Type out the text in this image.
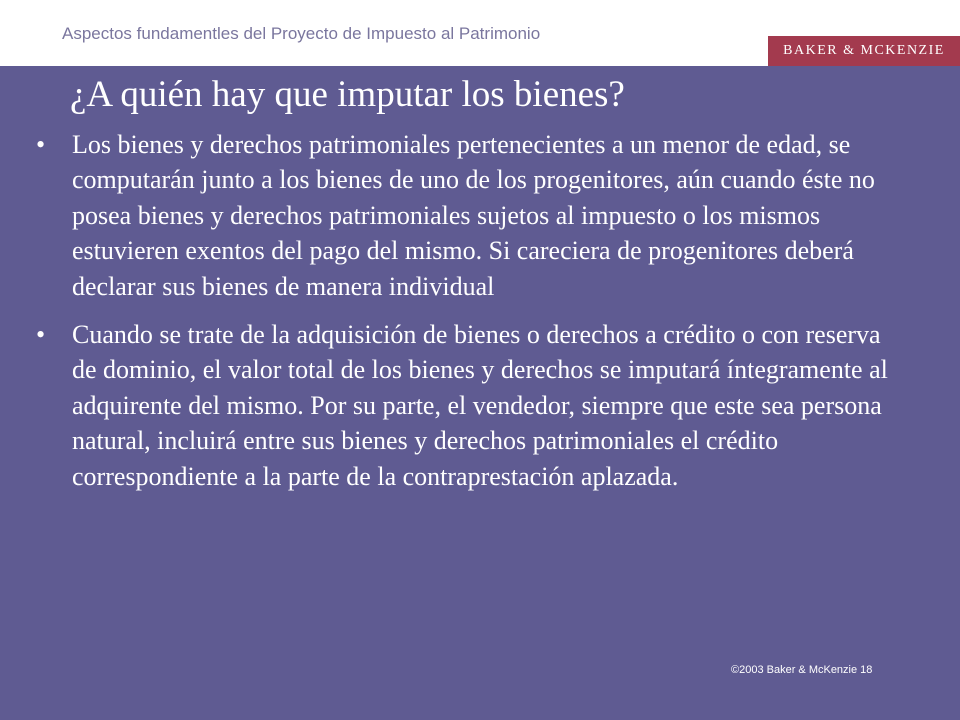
Aspectos fundamentles del Proyecto de Impuesto al Patrimonio
BAKER & MCKENZIE
¿A quién hay que imputar los bienes?
• Los bienes y derechos patrimoniales pertenecientes a un menor de edad, se computarán junto a los bienes de uno de los progenitores, aún cuando éste no posea bienes y derechos patrimoniales sujetos al impuesto o los mismos estuvieren exentos del pago del mismo. Si careciera de progenitores deberá declarar sus bienes de manera individual
• Cuando se trate de la adquisición de bienes o derechos a crédito o con reserva de dominio, el valor total de los bienes y derechos se imputará íntegramente al adquirente del mismo. Por su parte, el vendedor, siempre que este sea persona natural, incluirá entre sus bienes y derechos patrimoniales el crédito correspondiente a la parte de la contraprestación aplazada.
©2003 Baker & McKenzie 18
